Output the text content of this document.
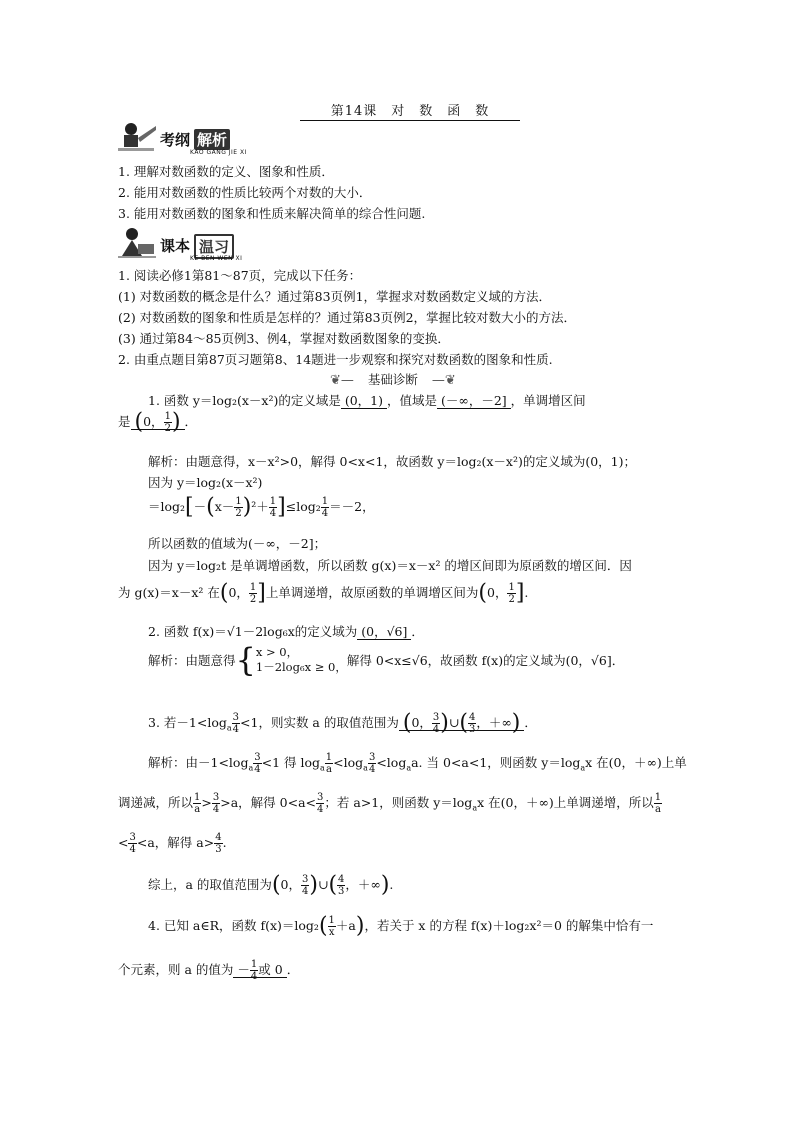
第14课　对　数　函　数
考纲 解析
KAO GANG JIE XI
1. 理解对数函数的定义、图象和性质．
2. 能用对数函数的性质比较两个对数的大小．
3. 能用对数函数的图象和性质来解决简单的综合性问题.
课本 温习
KE BEN WEN XI
1. 阅读必修1第81～87页，完成以下任务：
(1) 对数函数的概念是什么？通过第83页例1，掌握求对数函数定义域的方法．
(2) 对数函数的图象和性质是怎样的？通过第83页例2，掌握比较对数大小的方法．
(3) 通过第84～85页例3、例4，掌握对数函数图象的变换．
2. 由重点题目第87页习题第8、14题进一步观察和探究对数函数的图象和性质.
❦— 基础诊断 —❦
1. 函数 y＝log₂(x－x²)的定义域是 (0，1) ，值域是 (－∞，－2] ，单调增区间
是 (0， $\frac{1}{2}$ ) ．
解析：由题意得，x－x²>0，解得 0<x<1，故函数 y＝log₂(x－x²)的定义域为(0，1)；
因为 y＝log₂(x－x²)
$=\log_2[-(x- \frac{1}{2} )^2+ \frac{1}{4} ]\le\log_2 \frac{1}{4} =-2$，
所以函数的值域为(－∞，－2]；
因为 y＝log₂t 是单调增函数，所以函数 g(x)＝x－x² 的增区间即为原函数的增区间．因
为 g(x)＝x－x² 在(0， $\frac{1}{2}$ ]上单调递增，故原函数的单调增区间为(0， $\frac{1}{2}$ ].
2. 函数 f(x)＝√1－2log₆x的定义域为 (0，√6] ．
解析：由题意得{ x > 0，
1－2log₆x ≥ 0， 解得 0<x≤√6，故函数 f(x)的定义域为(0，√6]．
3. 若$-1<\log_a \frac{3}{4} <1$，则实数 a 的取值范围为 (0， $\frac{3}{4}$ )∪( $\frac{4}{3}$ ，＋∞) ．
解析：由$-1<\log_a \frac{3}{4} <1$ 得 $\log_a \frac{1}{a} <\log_a \frac{3}{4} <\log_aa$. 当 0<a<1，则函数 $y=\log_ax$ 在(0，＋∞)上单
调递减，所以 $\frac{1}{a} > \frac{3}{4} >a$，解得 $0<a< \frac{3}{4}$ ；若 a>1，则函数 $y=\log_ax$ 在(0，＋∞)上单调递增，所以 $\frac{1}{a}$
< $\frac{3}{4} <a$，解得 $a> \frac{4}{3}$ .
综上，a 的取值范围为(0， $\frac{3}{4}$ )∪( $\frac{4}{3}$ ，＋∞).
4. 已知 a∈R，函数 $f(x)=\log_2( \frac{1}{x} +a)$，若关于 x 的方程 f(x)＋log₂x²＝0 的解集中恰有一
个元素，则 a 的值为 － $\frac{1}{4}$ 或 0 ．
